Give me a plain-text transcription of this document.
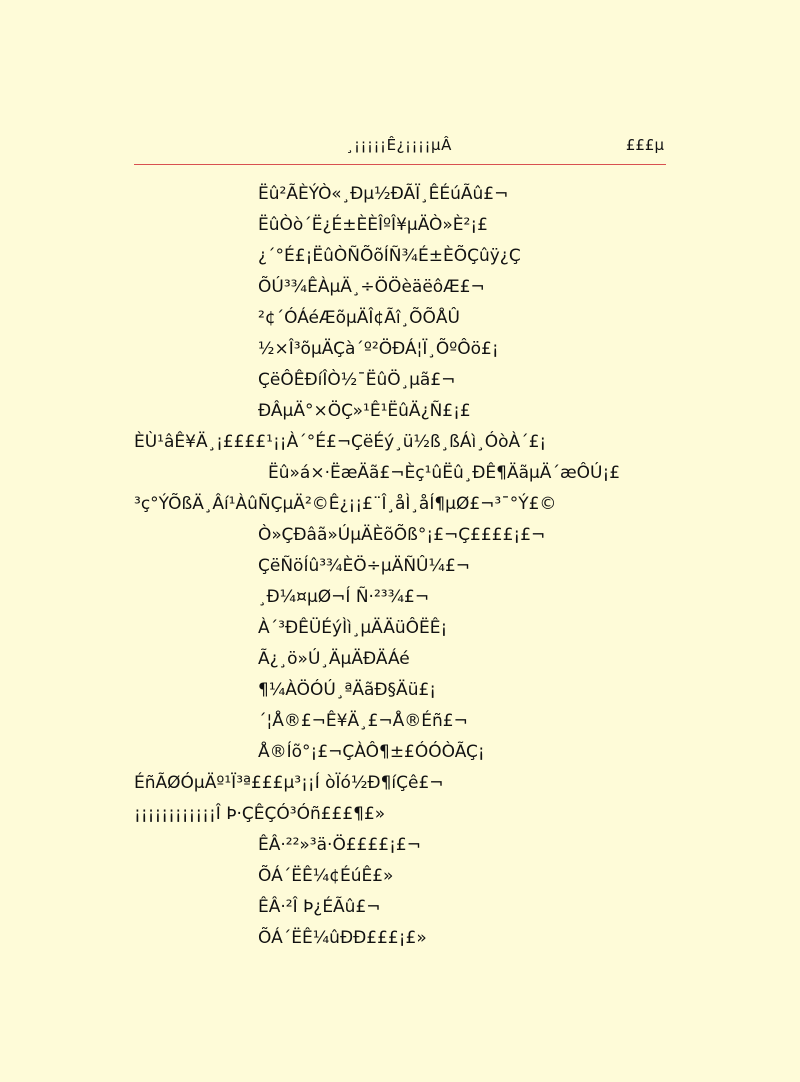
¸¡¡¡¡¡Ê¿¡¡¡¡µÂ	£££µ
Ëû²ÃÈÝÒ«¸Ðµ½ÐÃÏ¸ÊÉúÃû£¬
ËûÒò´Ë¿É±ÈÈÎºÎ¥µÄÒ»È²¡£
¿´°É£¡ËûÒÑÕõÍÑ¾É±ÈÕÇûÿ¿Ç
ÕÚ³¾ÊÀµÄ¸÷ÖÖèäëôÆ£¬
²¢´ÓÁéÆõµÄÎ¢Ãî¸ÕÕÅÛ
½×Î³õµÄÇà´º²ÖÐÁ¦Ï¸ÕºÔö£¡
ÇëÔÊÐíÎÒ½¯ËûÖ¸µã£¬
ÐÂµÄ°×ÖÇ»¹Ê¹ËûÄ¿Ñ£¡£
ÈÙ¹âÊ¥Ä¸¡££££¹¡¡À´°É£¬ÇëÉý¸ü½ß¸ßÁì¸ÓòÀ´£¡
Ëû»á×·ËæÄã£¬Èç¹ûËû¸ÐÊ¶ÄãµÄ´æÔÚ¡£
³ç°ÝÕßÄ¸Âí¹ÀûÑÇµÄ²©Ê¿¡¡£¨Î¸åÌ¸åÍ¶µØ£¬³¯°Ý£©
Ò»ÇÐâã»ÚµÄÈõÕß°¡£¬Ç££££¡£¬
ÇëÑöÍû³¾ÈÖ÷µÄÑÛ¼£¬
¸Ð¼¤µØ¬Í Ñ·²³¾£¬
À´³ÐÊÜÉýÌì¸µÄÄüÔËÊ¡
Ã¿¸ö»Ú¸ÄµÄÐÄÁé
¶¼ÀÖÓÚ¸ªÄãÐ§Äü£¡
´¦Å®£¬Ê¥Ä¸£¬Å®Éñ£¬
Å®Íõ°¡£¬ÇÀÔ¶±£ÓÓÒÃÇ¡
ÉñÃØÓµÄº¹Ï³ª£££µ³¡¡Í òÏó½Ð¶íÇê£¬
¡¡¡¡¡¡¡¡¡¡¡¡Î Þ·ÇÊÇÓ³Óñ£££¶£»
ÊÂ·²²»³ä·Ö££££¡£¬
ÕÁ´ËÊ¼¢ÉúÊ£»
ÊÂ·²Î Þ¿ÉÃû£¬
ÕÁ´ËÊ¼ûÐÐ£££¡£»
